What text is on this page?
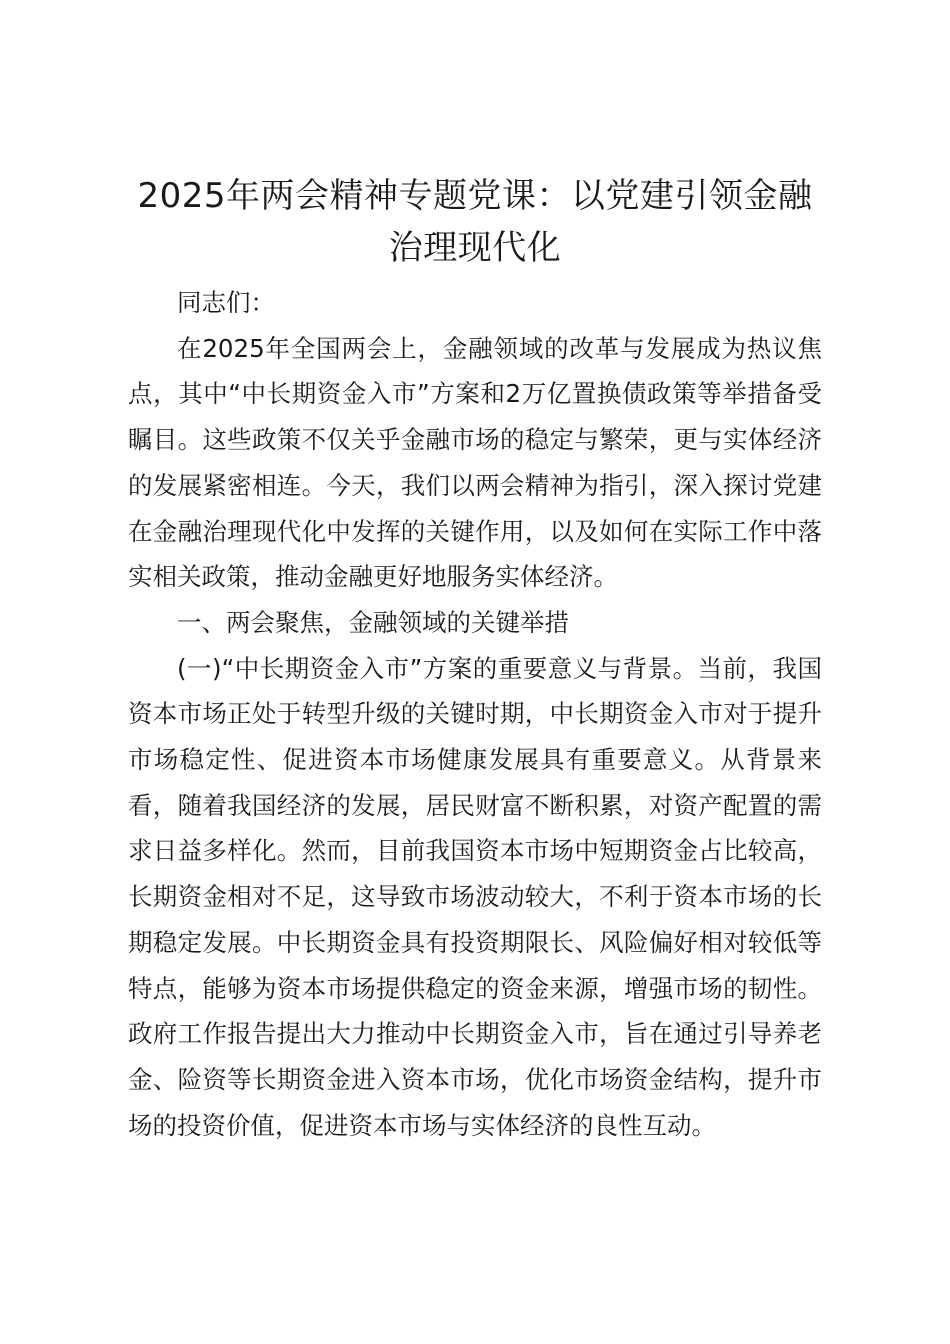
2025年两会精神专题党课：以党建引领金融
治理现代化

同志们：

在2025年全国两会上，金融领域的改革与发展成为热议焦点，其中“中长期资金入市”方案和2万亿置换债政策等举措备受瞩目。这些政策不仅关乎金融市场的稳定与繁荣，更与实体经济的发展紧密相连。今天，我们以两会精神为指引，深入探讨党建在金融治理现代化中发挥的关键作用，以及如何在实际工作中落实相关政策，推动金融更好地服务实体经济。

一、两会聚焦，金融领域的关键举措

(一)“中长期资金入市”方案的重要意义与背景。当前，我国资本市场正处于转型升级的关键时期，中长期资金入市对于提升市场稳定性、促进资本市场健康发展具有重要意义。从背景来看，随着我国经济的发展，居民财富不断积累，对资产配置的需求日益多样化。然而，目前我国资本市场中短期资金占比较高，长期资金相对不足，这导致市场波动较大，不利于资本市场的长期稳定发展。中长期资金具有投资期限长、风险偏好相对较低等特点，能够为资本市场提供稳定的资金来源，增强市场的韧性。政府工作报告提出大力推动中长期资金入市，旨在通过引导养老金、险资等长期资金进入资本市场，优化市场资金结构，提升市场的投资价值，促进资本市场与实体经济的良性互动。
